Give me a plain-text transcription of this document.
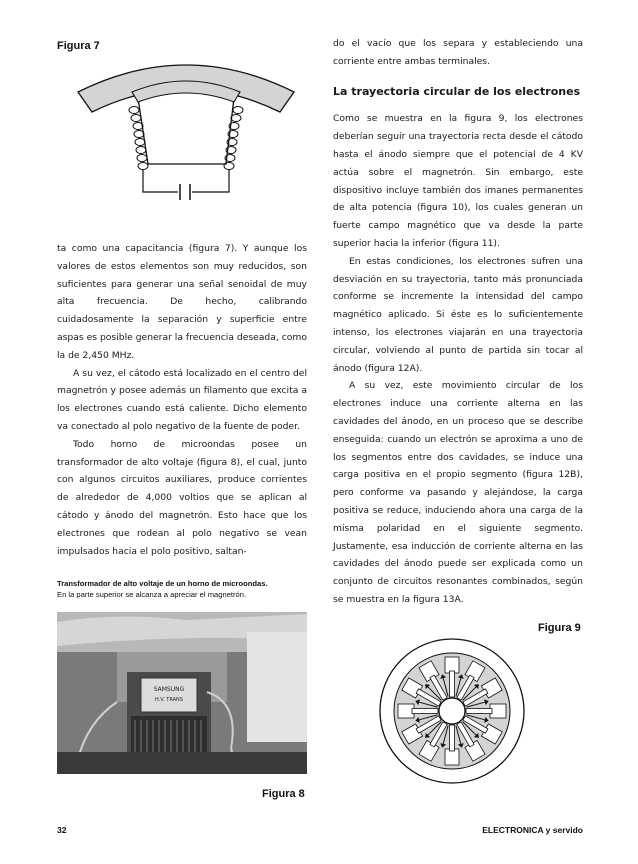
Figura 7

ta como una capacitancia (figura 7). Y aunque los valores de estos elementos son muy reducidos, son suficientes para generar una señal senoidal de muy alta frecuencia. De hecho, calibrando cuidadosamente la separación y superficie entre aspas es posible generar la frecuencia deseada, como la de 2,450 MHz.

A su vez, el cátodo está localizado en el centro del magnetrón y posee además un filamento que excita a los electrones cuando está caliente. Dicho elemento va conectado al polo negativo de la fuente de poder.

Todo horno de microondas posee un transformador de alto voltaje (figura 8), el cual, junto con algunos circuitos auxiliares, produce corrientes de alrededor de 4,000 voltios que se aplican al cátodo y ánodo del magnetrón. Esto hace que los electrones que rodean al polo negativo se vean impulsados hacia el polo positivo, saltan-

Transformador de alto voltaje de un horno de microondas.
En la parte superior se alcanza a apreciar el magnetrón.
SAMSUNG
H.V. TRANS
Figura 8

do el vacío que los separa y estableciendo una corriente entre ambas terminales.

La trayectoria circular de los electrones

Como se muestra en la figura 9, los electrones deberían seguir una trayectoria recta desde el cátodo hasta el ánodo siempre que el potencial de 4 KV actúa sobre el magnetrón. Sin embargo, este dispositivo incluye también dos imanes permanentes de alta potencia (figura 10), los cuales generan un fuerte campo magnético que va desde la parte superior hacia la inferior (figura 11).

En estas condiciones, los electrones sufren una desviación en su trayectoria, tanto más pronunciada conforme se incremente la intensidad del campo magnético aplicado. Si éste es lo suficientemente intenso, los electrones viajarán en una trayectoria circular, volviendo al punto de partida sin tocar al ánodo (figura 12A).

A su vez, este movimiento circular de los electrones induce una corriente alterna en las cavidades del ánodo, en un proceso que se describe enseguida: cuando un electrón se aproxima a uno de los segmentos entre dos cavidades, se induce una carga positiva en el propio segmento (figura 12B), pero conforme va pasando y alejándose, la carga positiva se reduce, induciendo ahora una carga de la misma polaridad en el siguiente segmento. Justamente, esa inducción de corriente alterna en las cavidades del ánodo puede ser explicada como un conjunto de circuitos resonantes combinados, según se muestra en la figura 13A.

Figura 9
32	ELECTRONICA y servido
